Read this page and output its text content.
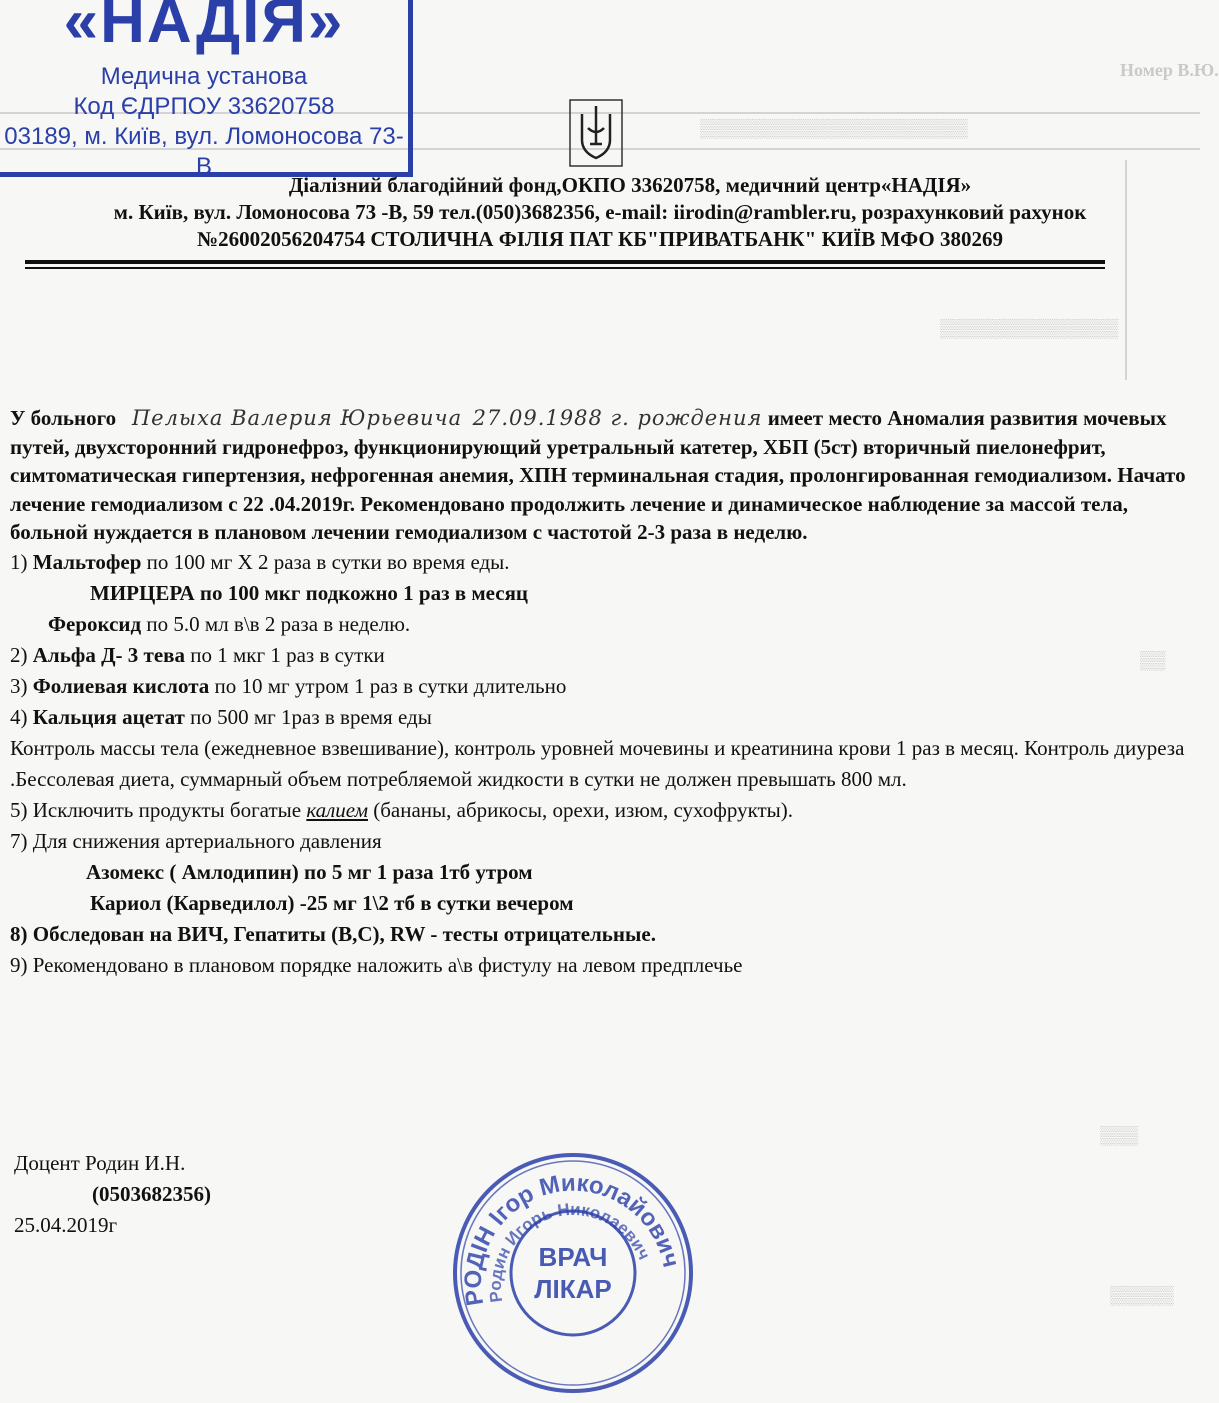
Номер В.Ю.
▒▒▒▒▒▒▒▒▒▒▒▒▒▒▒▒▒▒▒▒▒
▒▒▒▒▒▒▒▒▒▒▒▒▒▒
▒▒
▒▒▒
▒▒▒▒▒
«НАДІЯ»
Медична установа
Код ЄДРПОУ 33620758
03189, м. Київ, вул. Ломоносова 73-В
Діалізний благодійний фонд,ОКПО 33620758, медичний центр«НАДІЯ»
м. Київ, вул. Ломоносова 73 -В, 59 тел.(050)3682356, e-mail: iirodin@rambler.ru, розрахунковий рахунок
№26002056204754 СТОЛИЧНА ФІЛІЯ ПАТ КБ"ПРИВАТБАНК" КИЇВ МФО 380269

У больного Пелыха Валерия Юрьевича 27.09.1988 г. рождения имеет место Аномалия развития мочевых путей, двухсторонний гидронефроз, функционирующий уретральный катетер, ХБП (5ст) вторичный пиелонефрит, симтоматическая гипертензия, нефрогенная анемия, ХПН терминальная стадия, пролонгированная гемодиализом. Начато лечение гемодиализом с 22 .04.2019г. Рекомендовано продолжить лечение и динамическое наблюдение за массой тела, больной нуждается в плановом лечении гемодиализом с частотой 2-3 раза в неделю.

1) Мальтофер по 100 мг Х 2 раза в сутки во время еды.

МИРЦЕРА по 100 мкг подкожно 1 раз в месяц

Фероксид по 5.0 мл в\в 2 раза в неделю.

2) Альфа Д- 3 тева по 1 мкг 1 раз в сутки

3) Фолиевая кислота по 10 мг утром 1 раз в сутки длительно

4) Кальция ацетат по 500 мг 1раз в время еды

Контроль массы тела (ежедневное взвешивание), контроль уровней мочевины и креатинина крови 1 раз в месяц. Контроль диуреза .Бессолевая диета, суммарный объем потребляемой жидкости в сутки не должен превышать 800 мл.

5) Исключить продукты богатые калием (бананы, абрикосы, орехи, изюм, сухофрукты).

7) Для снижения артериального давления

Азомекс ( Амлодипин) по 5 мг 1 раза 1тб утром

Кариол (Карведилол) -25 мг 1\2 тб в сутки вечером

8) Обследован на ВИЧ, Гепатиты (B,C), RW - тесты отрицательные.

9) Рекомендовано в плановом порядке наложить а\в фистулу на левом предплечье

Доцент Родин И.Н.
(0503682356)
25.04.2019г
РОДІН Ігор Миколайович
Родин Игорь Николаевич
ВРАЧ
ЛІКАР
